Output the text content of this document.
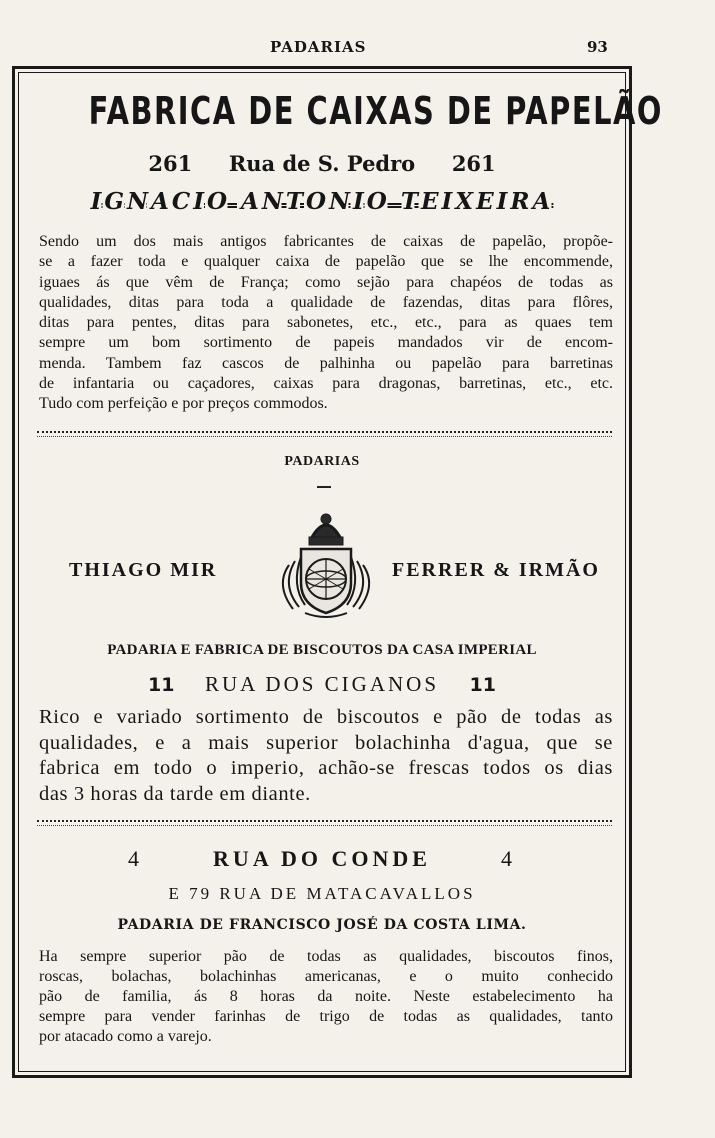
PADARIAS	93
FABRICA DE CAIXAS DE PAPELÃO
261 Rua de S. Pedro 261
IGNACIO ANTONIO TEIXEIRA
Sendo um dos mais antigos fabricantes de caixas de papelão, propõe-
se a fazer toda e qualquer caixa de papelão que se lhe encommende,
iguaes ás que vêm de França; como sejão para chapéos de todas as
qualidades, ditas para toda a qualidade de fazendas, ditas para flôres,
ditas para pentes, ditas para sabonetes, etc., etc., para as quaes tem
sempre um bom sortimento de papeis mandados vir de encom-
menda. Tambem faz cascos de palhinha ou papelão para barretinas
de infantaria ou caçadores, caixas para dragonas, barretinas, etc., etc.
Tudo com perfeição e por preços commodos.
PADARIAS
THIAGO MIR	FERRER & IRMÃO
PADARIA E FABRICA DE BISCOUTOS DA CASA IMPERIAL
11 RUA DOS CIGANOS 11
Rico e variado sortimento de biscoutos e pão de todas as
qualidades, e a mais superior bolachinha d'agua, que se
fabrica em todo o imperio, achão-se frescas todos os dias
das 3 horas da tarde em diante.
4	RUA DO CONDE	4
E 79 RUA DE MATACAVALLOS
PADARIA DE FRANCISCO JOSÉ DA COSTA LIMA.
Ha sempre superior pão de todas as qualidades, biscoutos finos,
roscas, bolachas, bolachinhas americanas, e o muito conhecido
pão de familia, ás 8 horas da noite. Neste estabelecimento ha
sempre para vender farinhas de trigo de todas as qualidades, tanto
por atacado como a varejo.
